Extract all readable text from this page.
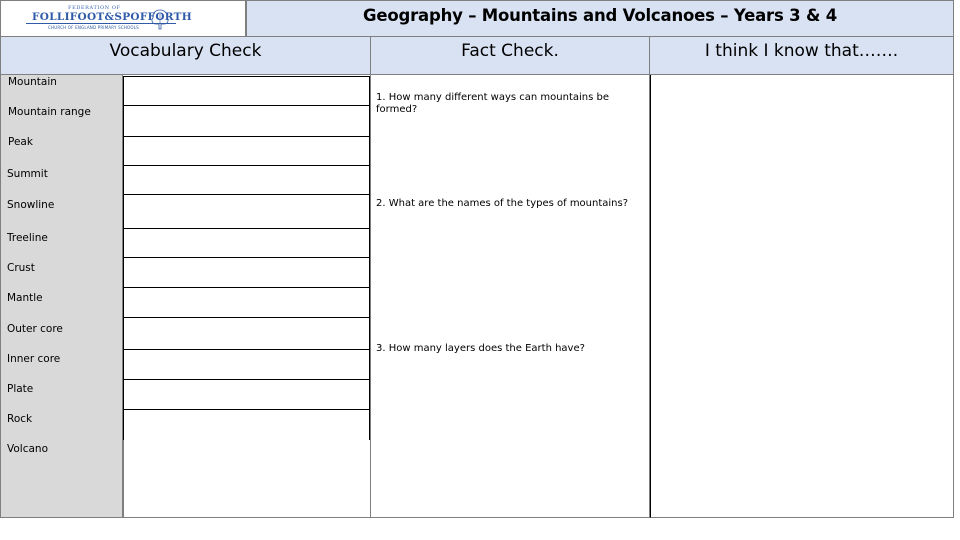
FEDERATION OF
FOLLIFOOT&SPOFFORTH
CHURCH OF ENGLAND PRIMARY SCHOOLS
Geography – Mountains and Volcanoes – Years 3 & 4
Vocabulary Check	Fact Check.	I think I know that…….
Mountain
Mountain range
Peak
Summit
Snowline
Treeline
Crust
Mantle
Outer core
Inner core
Plate
Rock
Volcano
1. How many different ways can mountains be formed?
2. What are the names of the types of mountains?
3. How many layers does the Earth have?
